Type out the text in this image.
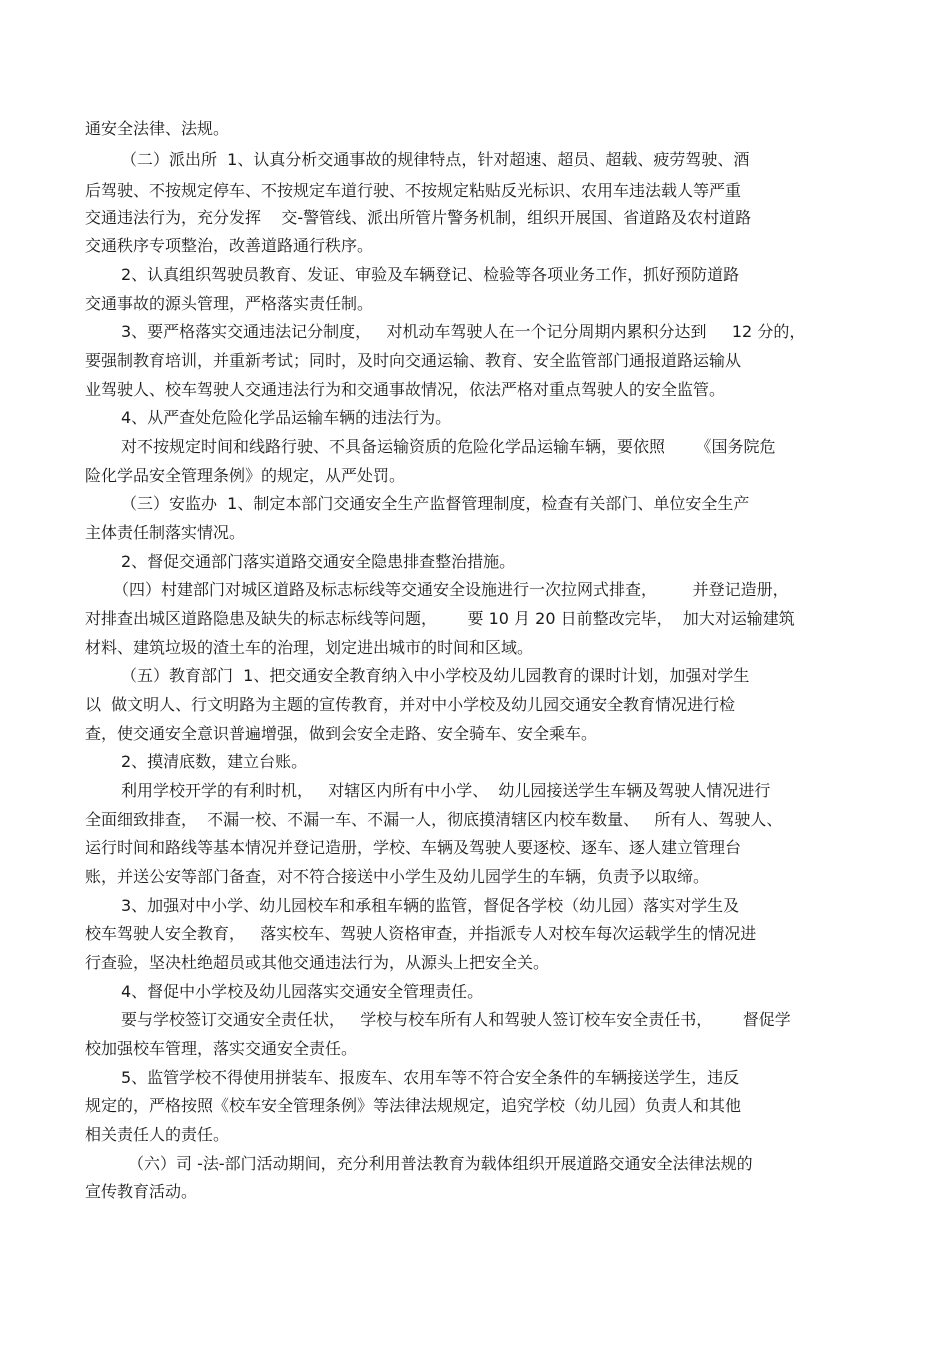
通安全法律、法规。
（二）派出所  1、认真分析交通事故的规律特点，针对超速、超员、超载、疲劳驾驶、酒
后驾驶、不按规定停车、不按规定车道行驶、不按规定粘贴反光标识、农用车违法载人等严重
交通违法行为，充分发挥    交-警管线、派出所管片警务机制，组织开展国、省道路及农村道路
交通秩序专项整治，改善道路通行秩序。
2、认真组织驾驶员教育、发证、审验及车辆登记、检验等各项业务工作，抓好预防道路
交通事故的源头管理，严格落实责任制。
3、要严格落实交通违法记分制度，   对机动车驾驶人在一个记分周期内累积分达到     12 分的，
要强制教育培训，并重新考试；同时，及时向交通运输、教育、安全监管部门通报道路运输从
业驾驶人、校车驾驶人交通违法行为和交通事故情况，依法严格对重点驾驶人的安全监管。
4、从严查处危险化学品运输车辆的违法行为。
对不按规定时间和线路行驶、不具备运输资质的危险化学品运输车辆，要依照      《国务院危
险化学品安全管理条例》的规定，从严处罚。
（三）安监办  1、制定本部门交通安全生产监督管理制度，检查有关部门、单位安全生产
主体责任制落实情况。
2、督促交通部门落实道路交通安全隐患排查整治措施。
（四）村建部门对城区道路及标志标线等交通安全设施进行一次拉网式排查，       并登记造册，
对排查出城区道路隐患及缺失的标志标线等问题，      要 10 月 20 日前整改完毕，  加大对运输建筑
材料、建筑垃圾的渣土车的治理，划定进出城市的时间和区域。
（五）教育部门  1、把交通安全教育纳入中小学校及幼儿园教育的课时计划，加强对学生
以  做文明人、行文明路为主题的宣传教育，并对中小学校及幼儿园交通安全教育情况进行检
查，使交通安全意识普遍增强，做到会安全走路、安全骑车、安全乘车。
2、摸清底数，建立台账。
利用学校开学的有利时机，   对辖区内所有中小学、  幼儿园接送学生车辆及驾驶人情况进行
全面细致排查，  不漏一校、不漏一车、不漏一人，彻底摸清辖区内校车数量、   所有人、驾驶人、
运行时间和路线等基本情况并登记造册，学校、车辆及驾驶人要逐校、逐车、逐人建立管理台
账，并送公安等部门备查，对不符合接送中小学生及幼儿园学生的车辆，负责予以取缔。
3、加强对中小学、幼儿园校车和承租车辆的监管，督促各学校（幼儿园）落实对学生及
校车驾驶人安全教育，   落实校车、驾驶人资格审查，并指派专人对校车每次运载学生的情况进
行查验，坚决杜绝超员或其他交通违法行为，从源头上把安全关。
4、督促中小学校及幼儿园落实交通安全管理责任。
要与学校签订交通安全责任状，   学校与校车所有人和驾驶人签订校车安全责任书，      督促学
校加强校车管理，落实交通安全责任。
5、监管学校不得使用拼装车、报废车、农用车等不符合安全条件的车辆接送学生，违反
规定的，严格按照《校车安全管理条例》等法律法规规定，追究学校（幼儿园）负责人和其他
相关责任人的责任。
（六）司 -法-部门活动期间，充分利用普法教育为载体组织开展道路交通安全法律法规的
宣传教育活动。
